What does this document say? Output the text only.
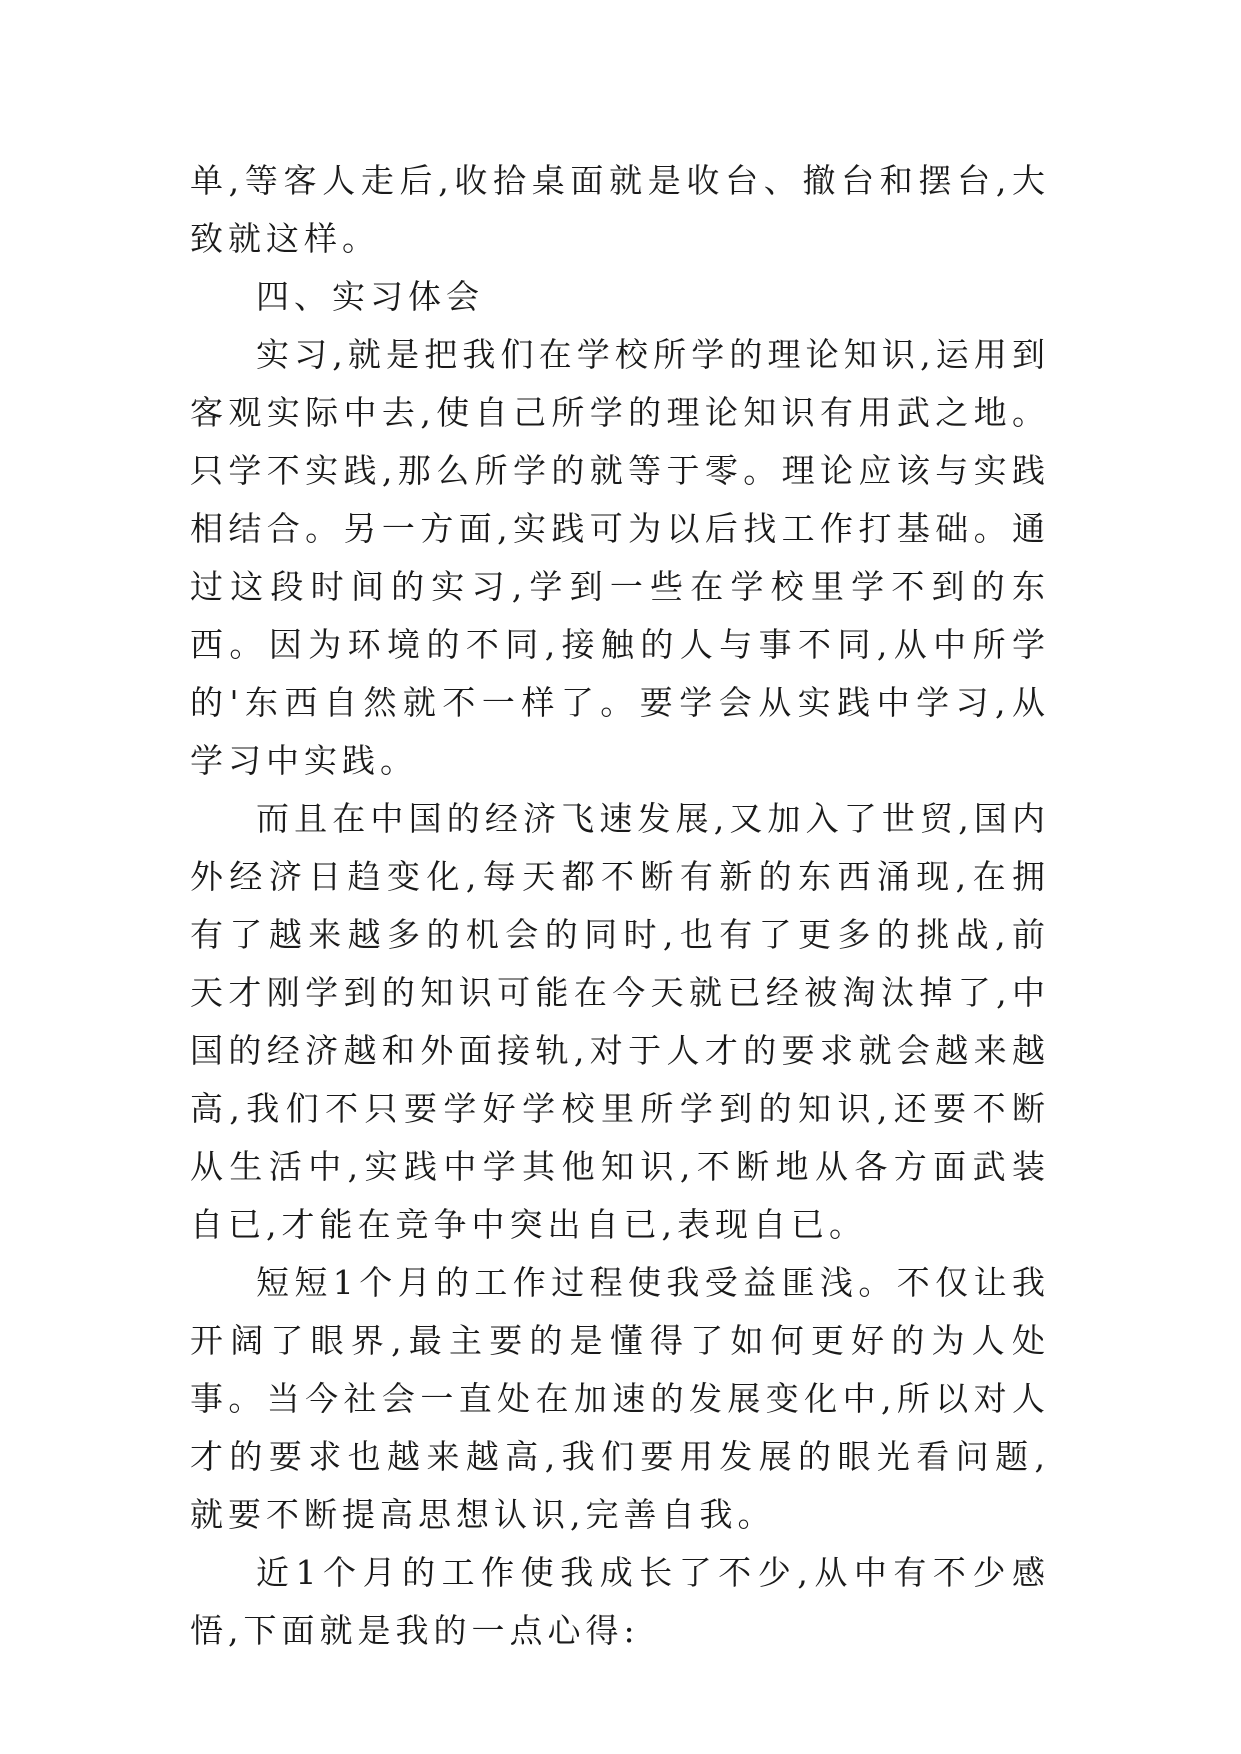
单,等客人走后,收拾桌面就是收台、撤台和摆台,大致就这样。

四、实习体会

实习,就是把我们在学校所学的理论知识,运用到客观实际中去,使自己所学的理论知识有用武之地。只学不实践,那么所学的就等于零。理论应该与实践相结合。另一方面,实践可为以后找工作打基础。通过这段时间的实习,学到一些在学校里学不到的东西。因为环境的不同,接触的人与事不同,从中所学的'东西自然就不一样了。要学会从实践中学习,从学习中实践。

而且在中国的经济飞速发展,又加入了世贸,国内外经济日趋变化,每天都不断有新的东西涌现,在拥有了越来越多的机会的同时,也有了更多的挑战,前天才刚学到的知识可能在今天就已经被淘汰掉了,中国的经济越和外面接轨,对于人才的要求就会越来越高,我们不只要学好学校里所学到的知识,还要不断从生活中,实践中学其他知识,不断地从各方面武装自已,才能在竞争中突出自已,表现自已。

短短1个月的工作过程使我受益匪浅。不仅让我开阔了眼界,最主要的是懂得了如何更好的为人处事。当今社会一直处在加速的发展变化中,所以对人才的要求也越来越高,我们要用发展的眼光看问题,就要不断提高思想认识,完善自我。

近1个月的工作使我成长了不少,从中有不少感悟,下面就是我的一点心得:
